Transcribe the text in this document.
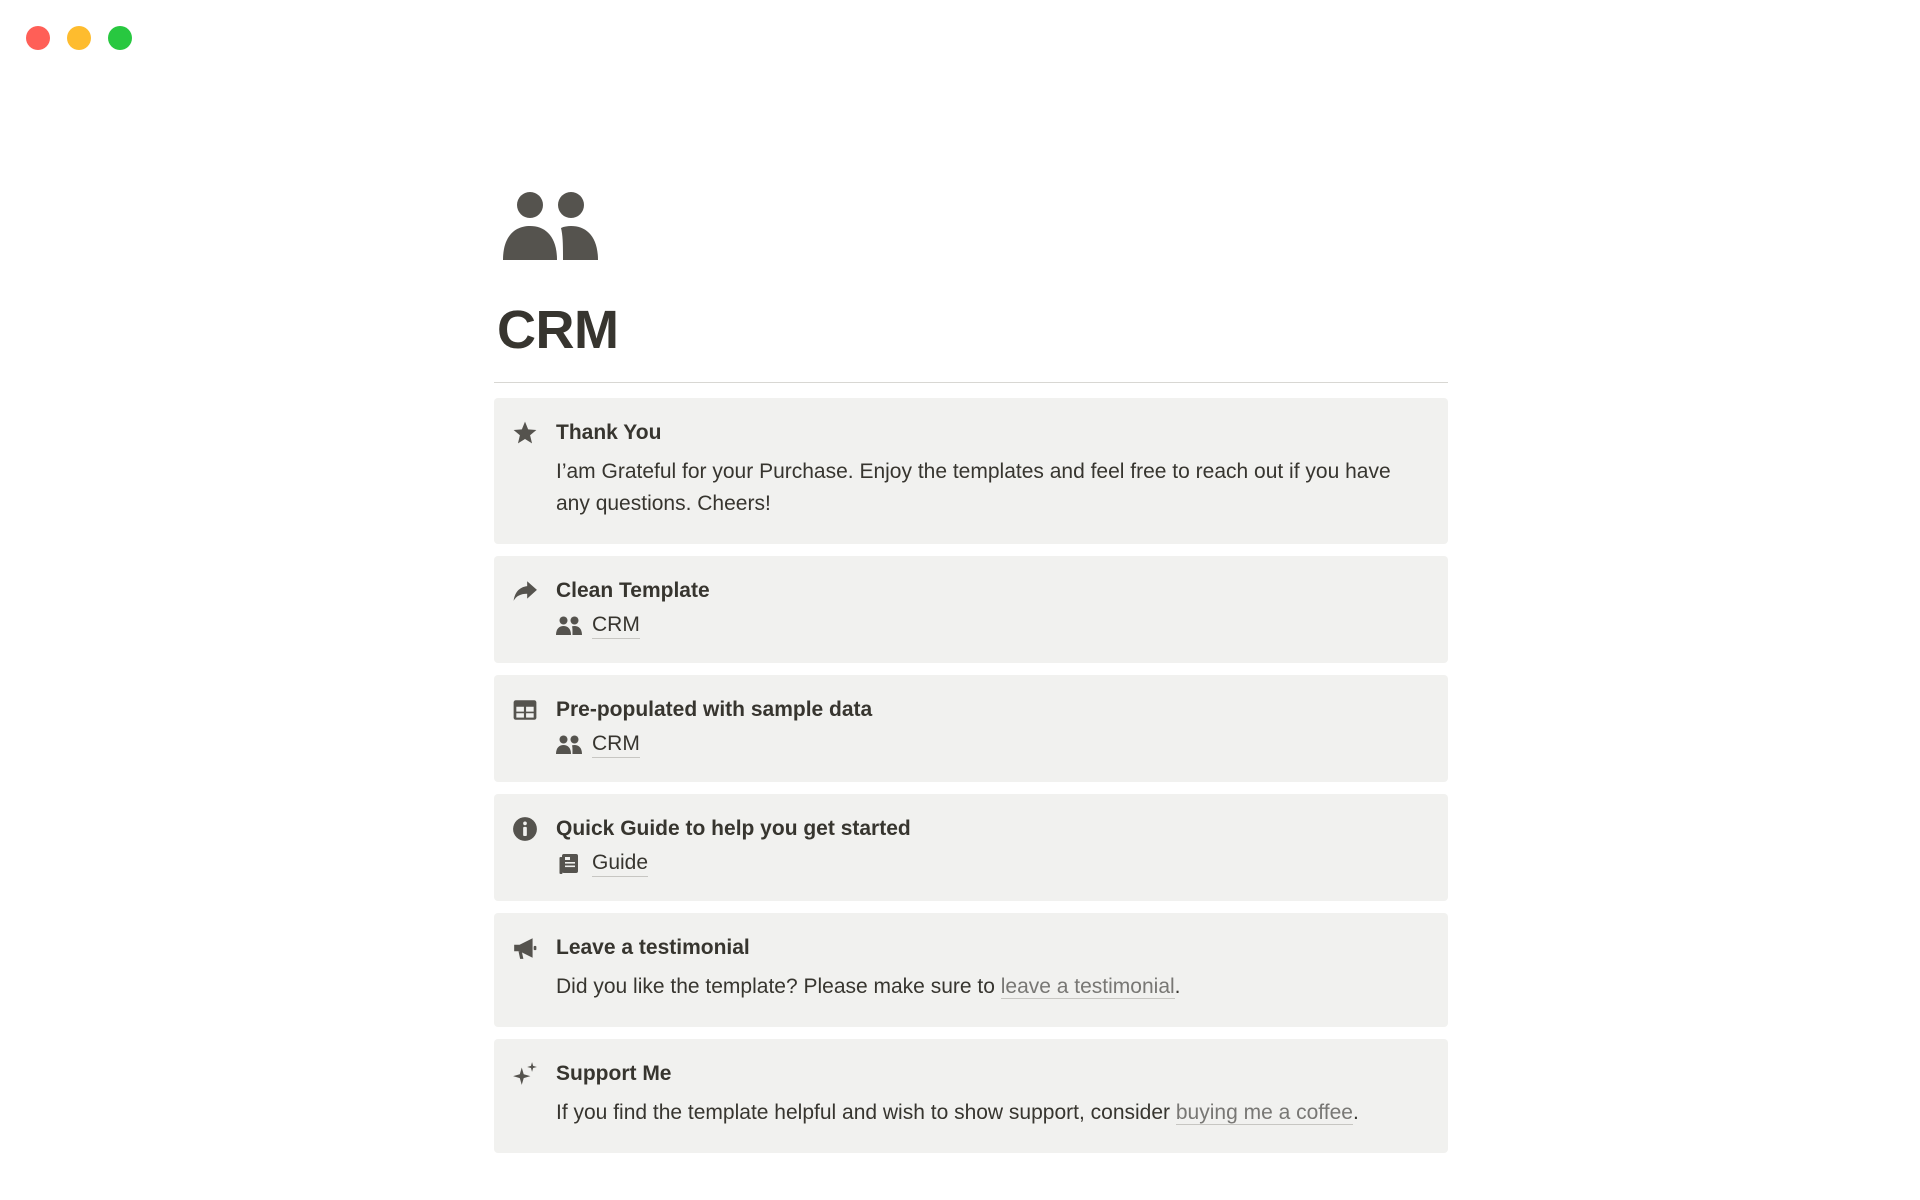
CRM
Thank You
I’am Grateful for your Purchase. Enjoy the templates and feel free to reach out if you have any questions. Cheers!
Clean Template
CRM
Pre-populated with sample data
CRM
Quick Guide to help you get started
Guide
Leave a testimonial
Did you like the template? Please make sure to leave a testimonial.
Support Me
If you find the template helpful and wish to show support, consider buying me a coffee.
